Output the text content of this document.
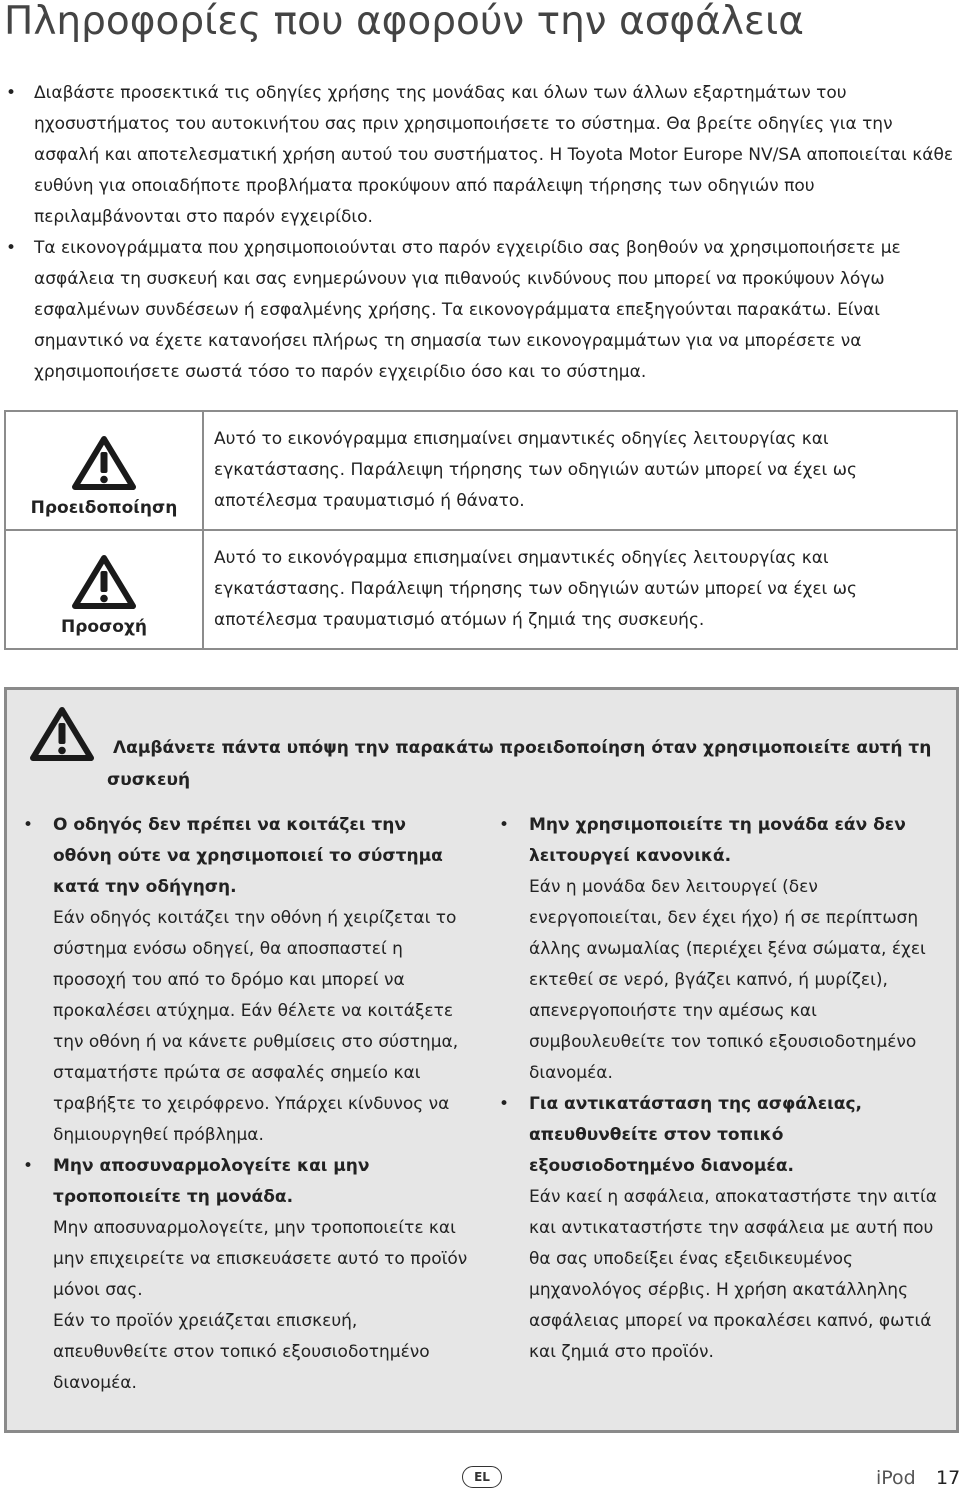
Πληροφορίες που αφορούν την ασφάλεια
• Διαβάστε προσεκτικά τις οδηγίες χρήσης της μονάδας και όλων των άλλων εξαρτημάτων του ηχοσυστήματος του αυτοκινήτου σας πριν χρησιμοποιήσετε το σύστημα. Θα βρείτε οδηγίες για την ασφαλή και αποτελεσματική χρήση αυτού του συστήματος. Η Toyota Motor Europe NV/SA αποποιείται κάθε ευθύνη για οποιαδήποτε προβλήματα προκύψουν από παράλειψη τήρησης των οδηγιών που περιλαμβάνονται στο παρόν εγχειρίδιο.
• Τα εικονογράμματα που χρησιμοποιούνται στο παρόν εγχειρίδιο σας βοηθούν να χρησιμοποιήσετε με ασφάλεια τη συσκευή και σας ενημερώνουν για πιθανούς κινδύνους που μπορεί να προκύψουν λόγω εσφαλμένων συνδέσεων ή εσφαλμένης χρήσης. Τα εικονογράμματα επεξηγούνται παρακάτω. Είναι σημαντικό να έχετε κατανοήσει πλήρως τη σημασία των εικονογραμμάτων για να μπορέσετε να χρησιμοποιήσετε σωστά τόσο το παρόν εγχειρίδιο όσο και το σύστημα.
Προειδοποίηση	Αυτό το εικονόγραμμα επισημαίνει σημαντικές οδηγίες λειτουργίας και εγκατάστασης. Παράλειψη τήρησης των οδηγιών αυτών μπορεί να έχει ως αποτέλεσμα τραυματισμό ή θάνατο.

Προσοχή	Αυτό το εικονόγραμμα επισημαίνει σημαντικές οδηγίες λειτουργίας και εγκατάστασης. Παράλειψη τήρησης των οδηγιών αυτών μπορεί να έχει ως αποτέλεσμα τραυματισμό ατόμων ή ζημιά της συσκευής.
Λαμβάνετε πάντα υπόψη την παρακάτω προειδοποίηση όταν χρησιμοποιείτε αυτή τη συσκευή
• Ο οδηγός δεν πρέπει να κοιτάζει την οθόνη ούτε να χρησιμοποιεί το σύστημα κατά την οδήγηση.
Εάν οδηγός κοιτάζει την οθόνη ή χειρίζεται το σύστημα ενόσω οδηγεί, θα αποσπαστεί η προσοχή του από το δρόμο και μπορεί να προκαλέσει ατύχημα. Εάν θέλετε να κοιτάξετε την οθόνη ή να κάνετε ρυθμίσεις στο σύστημα, σταματήστε πρώτα σε ασφαλές σημείο και τραβήξτε το χειρόφρενο. Υπάρχει κίνδυνος να δημιουργηθεί πρόβλημα.
• Μην αποσυναρμολογείτε και μην τροποποιείτε τη μονάδα.
Μην αποσυναρμολογείτε, μην τροποποιείτε και μην επιχειρείτε να επισκευάσετε αυτό το προϊόν μόνοι σας.
Εάν το προϊόν χρειάζεται επισκευή, απευθυνθείτε στον τοπικό εξουσιοδοτημένο διανομέα.
• Μην χρησιμοποιείτε τη μονάδα εάν δεν λειτουργεί κανονικά.
Εάν η μονάδα δεν λειτουργεί (δεν ενεργοποιείται, δεν έχει ήχο) ή σε περίπτωση άλλης ανωμαλίας (περιέχει ξένα σώματα, έχει εκτεθεί σε νερό, βγάζει καπνό, ή μυρίζει), απενεργοποιήστε την αμέσως και συμβουλευθείτε τον τοπικό εξουσιοδοτημένο διανομέα.
• Για αντικατάσταση της ασφάλειας, απευθυνθείτε στον τοπικό εξουσιοδοτημένο διανομέα.
Εάν καεί η ασφάλεια, αποκαταστήστε την αιτία και αντικαταστήστε την ασφάλεια με αυτή που θα σας υποδείξει ένας εξειδικευμένος μηχανολόγος σέρβις. Η χρήση ακατάλληλης ασφάλειας μπορεί να προκαλέσει καπνό, φωτιά και ζημιά στο προϊόν.
EL	iPod 17
